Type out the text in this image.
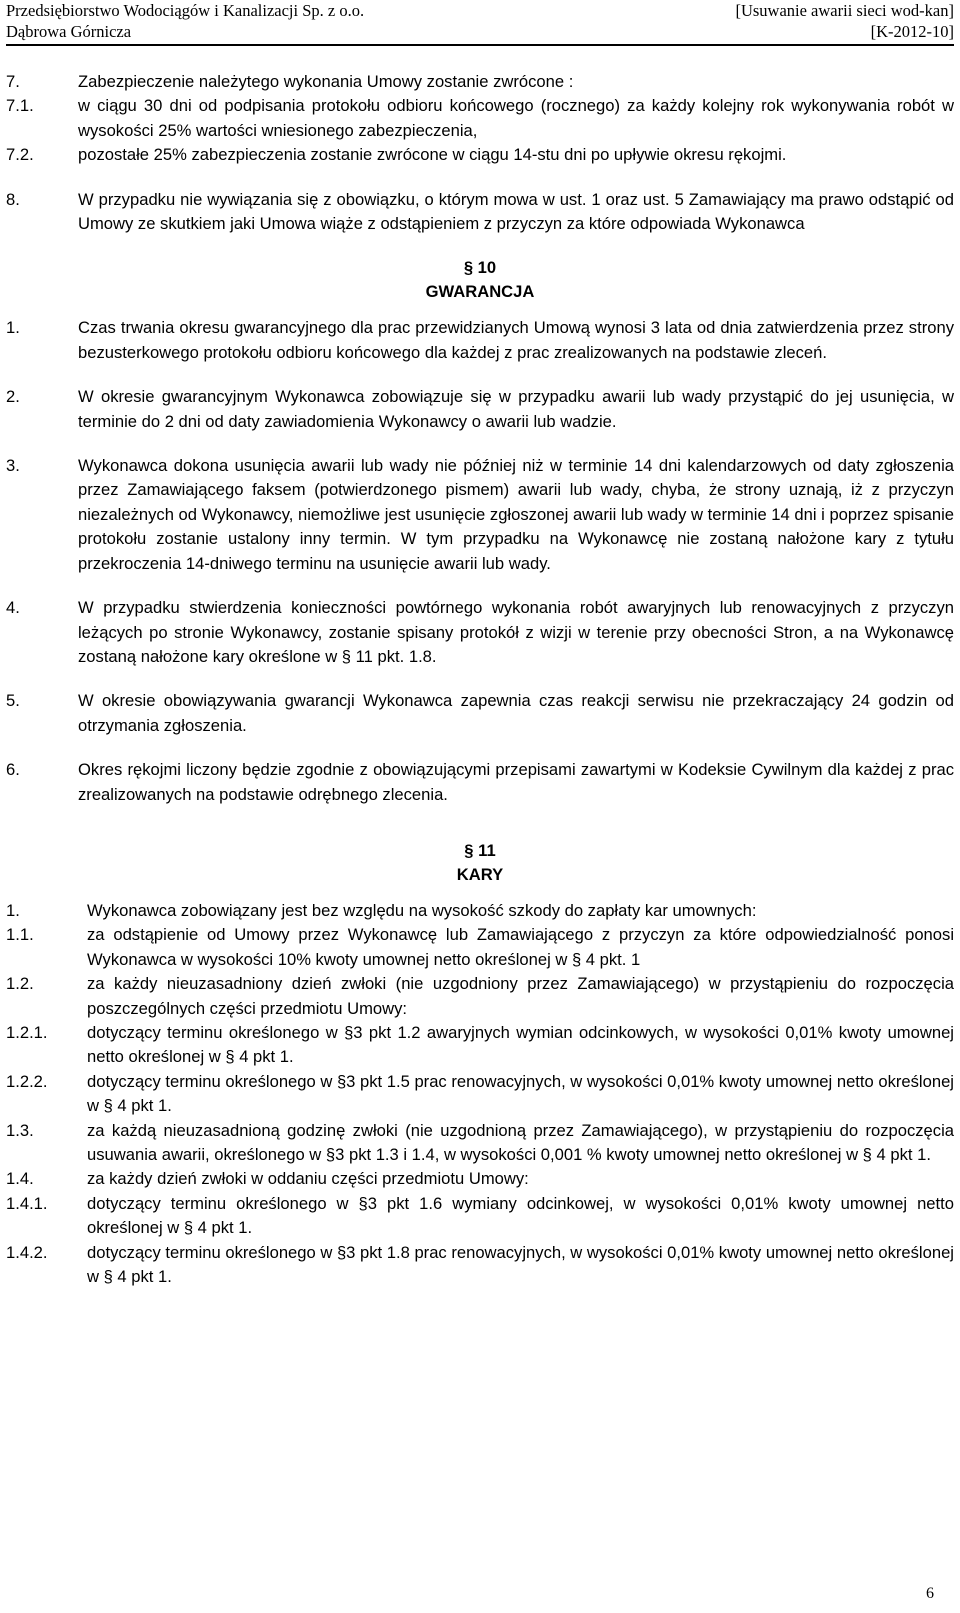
Przedsiębiorstwo Wodociągów i Kanalizacji Sp. z o.o.	[Usuwanie awarii sieci wod-kan]
Dąbrowa Górnicza	[K-2012-10]
7.	Zabezpieczenie należytego wykonania Umowy zostanie zwrócone :
7.1.	w ciągu 30 dni od podpisania protokołu odbioru końcowego (rocznego) za każdy kolejny rok wykonywania robót w wysokości 25% wartości wniesionego zabezpieczenia,
7.2.	pozostałe 25% zabezpieczenia zostanie zwrócone w ciągu 14-stu dni po upływie okresu rękojmi.
8.	W przypadku nie wywiązania się z obowiązku, o którym mowa w ust. 1 oraz ust. 5 Zamawiający ma prawo odstąpić od Umowy ze skutkiem jaki Umowa wiąże z odstąpieniem z przyczyn za które odpowiada Wykonawca
§ 10
GWARANCJA
1.	Czas trwania okresu gwarancyjnego dla prac przewidzianych Umową wynosi 3 lata od dnia zatwierdzenia przez strony bezusterkowego protokołu odbioru końcowego dla każdej z prac zrealizowanych na podstawie zleceń.
2.	W okresie gwarancyjnym Wykonawca zobowiązuje się w przypadku awarii lub wady przystąpić do jej usunięcia, w terminie do 2 dni od daty zawiadomienia Wykonawcy o awarii lub wadzie.
3.	Wykonawca dokona usunięcia awarii lub wady nie później niż w terminie 14 dni kalendarzowych od daty zgłoszenia przez Zamawiającego faksem (potwierdzonego pismem) awarii lub wady, chyba, że strony uznają, iż z przyczyn niezależnych od Wykonawcy, niemożliwe jest usunięcie zgłoszonej awarii lub wady w terminie 14 dni i poprzez spisanie protokołu zostanie ustalony inny termin. W tym przypadku na Wykonawcę nie zostaną nałożone kary z tytułu przekroczenia 14-dniwego terminu na usunięcie awarii lub wady.
4.	W przypadku stwierdzenia konieczności powtórnego wykonania robót awaryjnych lub renowacyjnych z przyczyn leżących po stronie Wykonawcy, zostanie spisany protokół z wizji w terenie przy obecności Stron, a na Wykonawcę zostaną nałożone kary określone w § 11 pkt. 1.8.
5.	W okresie obowiązywania gwarancji Wykonawca zapewnia czas reakcji serwisu nie przekraczający 24 godzin od otrzymania zgłoszenia.
6.	Okres rękojmi liczony będzie zgodnie z obowiązującymi przepisami zawartymi w Kodeksie Cywilnym dla każdej z prac zrealizowanych na podstawie odrębnego zlecenia.
§ 11
KARY
1.	Wykonawca zobowiązany jest bez względu na wysokość szkody do zapłaty kar umownych:
1.1.	za odstąpienie od Umowy przez Wykonawcę lub Zamawiającego z przyczyn za które odpowiedzialność ponosi Wykonawca w wysokości 10% kwoty umownej netto określonej w § 4 pkt. 1
1.2.	za każdy nieuzasadniony dzień zwłoki (nie uzgodniony przez Zamawiającego) w przystąpieniu do rozpoczęcia poszczególnych części przedmiotu Umowy:
1.2.1.	dotyczący terminu określonego w §3 pkt 1.2 awaryjnych wymian odcinkowych, w wysokości 0,01% kwoty umownej netto określonej w § 4 pkt 1.
1.2.2.	dotyczący terminu określonego w §3 pkt 1.5 prac renowacyjnych, w wysokości 0,01% kwoty umownej netto określonej w § 4 pkt 1.
1.3.	za każdą nieuzasadnioną godzinę zwłoki (nie uzgodnioną przez Zamawiającego), w przystąpieniu do rozpoczęcia usuwania awarii, określonego w §3 pkt 1.3 i 1.4, w wysokości 0,001 % kwoty umownej netto określonej w § 4 pkt 1.
1.4.	za każdy dzień zwłoki w oddaniu części przedmiotu Umowy:
1.4.1.	dotyczący terminu określonego w §3 pkt 1.6 wymiany odcinkowej, w wysokości 0,01% kwoty umownej netto określonej w § 4 pkt 1.
1.4.2.	dotyczący terminu określonego w §3 pkt 1.8 prac renowacyjnych, w wysokości 0,01% kwoty umownej netto określonej w § 4 pkt 1.
6
